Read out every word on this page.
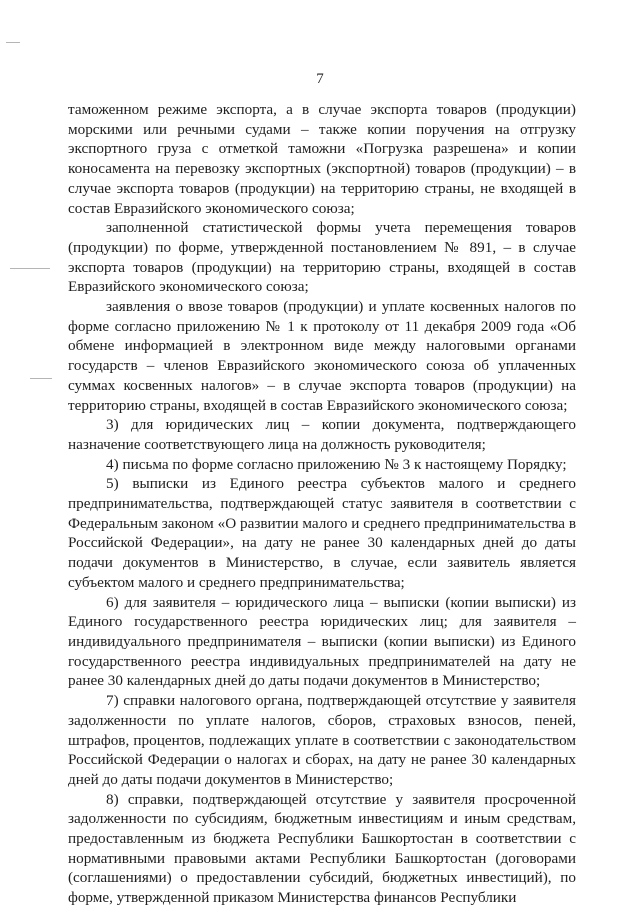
7

таможенном режиме экспорта, а в случае экспорта товаров (продукции) морскими или речными судами – также копии поручения на отгрузку экспортного груза с отметкой таможни «Погрузка разрешена» и копии коносамента на перевозку экспортных (экспортной) товаров (продукции) – в случае экспорта товаров (продукции) на территорию страны, не входящей в состав Евразийского экономического союза;

заполненной статистической формы учета перемещения товаров (продукции) по форме, утвержденной постановлением № 891, – в случае экспорта товаров (продукции) на территорию страны, входящей в состав Евразийского экономического союза;

заявления о ввозе товаров (продукции) и уплате косвенных налогов по форме согласно приложению № 1 к протоколу от 11 декабря 2009 года «Об обмене информацией в электронном виде между налоговыми органами государств – членов Евразийского экономического союза об уплаченных суммах косвенных налогов» – в случае экспорта товаров (продукции) на территорию страны, входящей в состав Евразийского экономического союза;

3) для юридических лиц – копии документа, подтверждающего назначение соответствующего лица на должность руководителя;

4) письма по форме согласно приложению № 3 к настоящему Порядку;

5) выписки из Единого реестра субъектов малого и среднего предпринимательства, подтверждающей статус заявителя в соответствии с Федеральным законом «О развитии малого и среднего предпринимательства в Российской Федерации», на дату не ранее 30 календарных дней до даты подачи документов в Министерство, в случае, если заявитель является субъектом малого и среднего предпринимательства;

6) для заявителя – юридического лица – выписки (копии выписки) из Единого государственного реестра юридических лиц; для заявителя – индивидуального предпринимателя – выписки (копии выписки) из Единого государственного реестра индивидуальных предпринимателей на дату не ранее 30 календарных дней до даты подачи документов в Министерство;

7) справки налогового органа, подтверждающей отсутствие у заявителя задолженности по уплате налогов, сборов, страховых взносов, пеней, штрафов, процентов, подлежащих уплате в соответствии с законодательством Российской Федерации о налогах и сборах, на дату не ранее 30 календарных дней до даты подачи документов в Министерство;

8) справки, подтверждающей отсутствие у заявителя просроченной задолженности по субсидиям, бюджетным инвестициям и иным средствам, предоставленным из бюджета Республики Башкортостан в соответствии с нормативными правовыми актами Республики Башкортостан (договорами (соглашениями) о предоставлении субсидий, бюджетных инвестиций), по форме, утвержденной приказом Министерства финансов Республики
